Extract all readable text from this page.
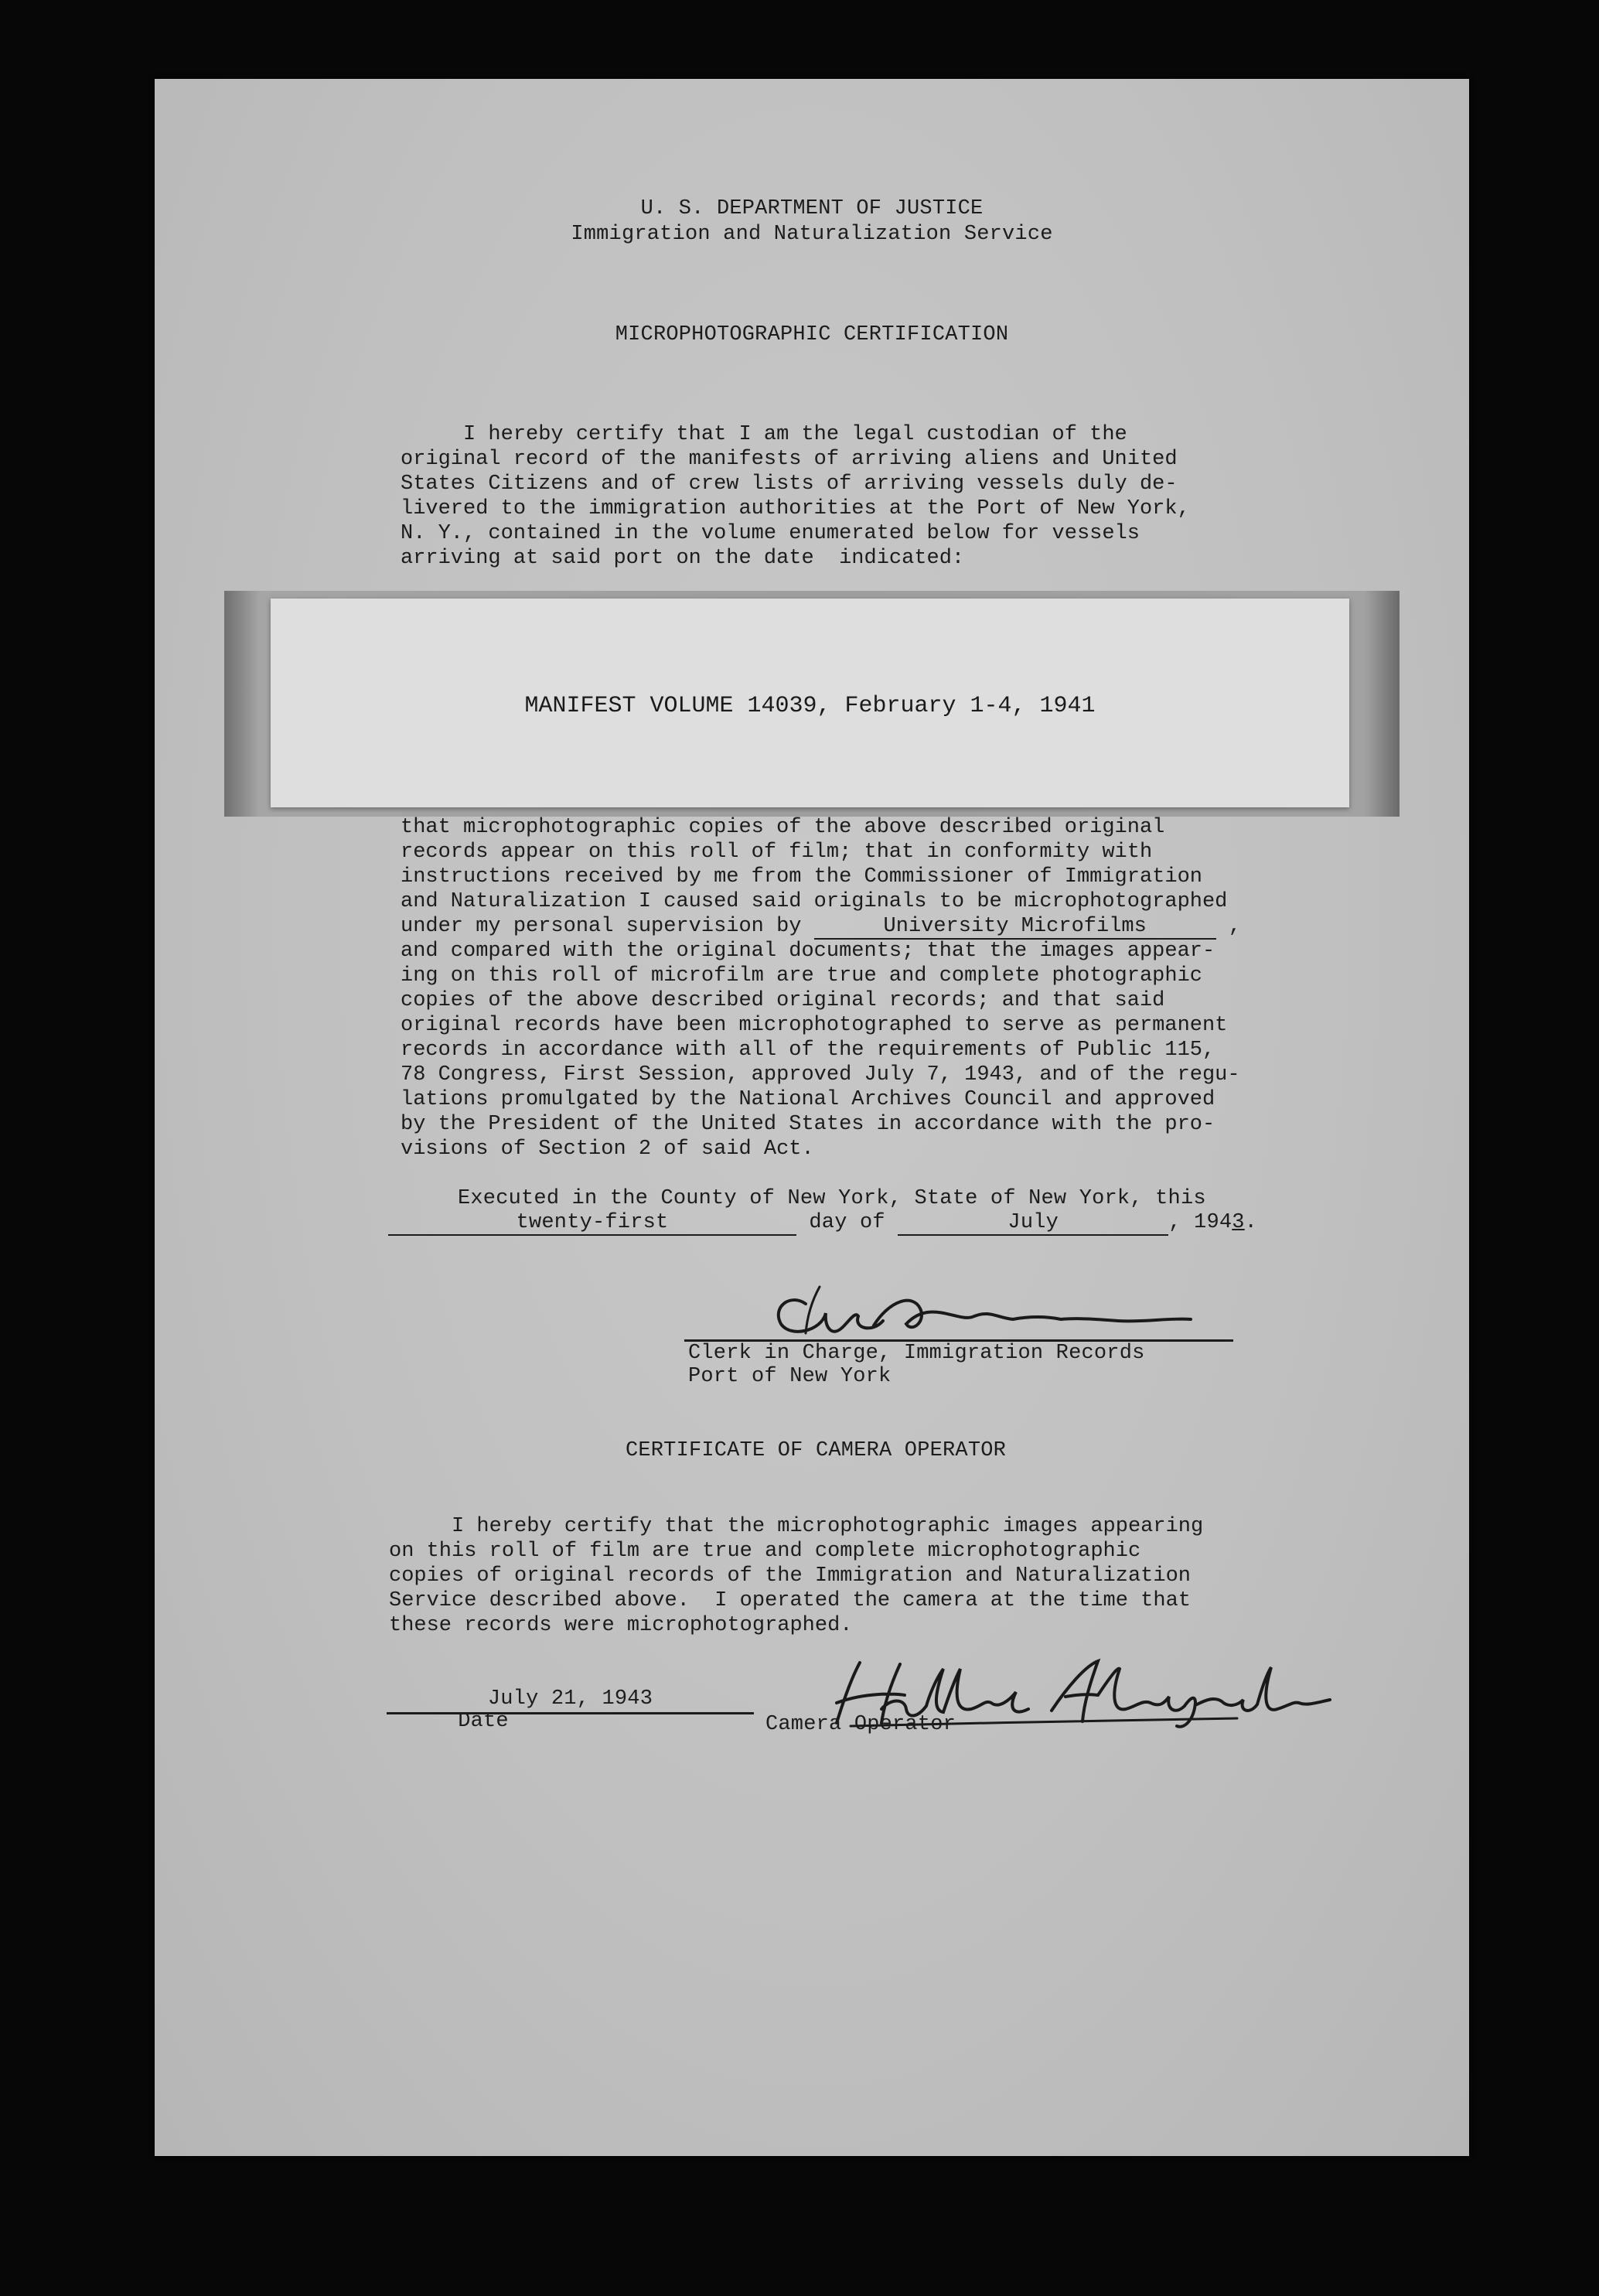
U. S. DEPARTMENT OF JUSTICE
Immigration and Naturalization Service
MICROPHOTOGRAPHIC CERTIFICATION
I hereby certify that I am the legal custodian of the
original record of the manifests of arriving aliens and United
States Citizens and of crew lists of arriving vessels duly de-
livered to the immigration authorities at the Port of New York,
N. Y., contained in the volume enumerated below for vessels
arriving at said port on the date  indicated:
MANIFEST VOLUME 14039, February 1-4, 1941
that microphotographic copies of the above described original
records appear on this roll of film; that in conformity with
instructions received by me from the Commissioner of Immigration
and Naturalization I caused said originals to be microphotographed
under my personal supervision by	University Microfilms	,
and compared with the original documents; that the images appear-
ing on this roll of microfilm are true and complete photographic
copies of the above described original records; and that said
original records have been microphotographed to serve as permanent
records in accordance with all of the requirements of Public 115,
78 Congress, First Session, approved July 7, 1943, and of the regu-
lations promulgated by the National Archives Council and approved
by the President of the United States in accordance with the pro-
visions of Section 2 of said Act.
Executed in the County of New York, State of New York, this
twenty-first	day of	July	, 1943.
Clerk in Charge, Immigration Records
Port of New York
CERTIFICATE OF CAMERA OPERATOR
I hereby certify that the microphotographic images appearing
on this roll of film are true and complete microphotographic
copies of original records of the Immigration and Naturalization
Service described above.  I operated the camera at the time that
these records were microphotographed.
July 21, 1943
Date	Camera Operator
